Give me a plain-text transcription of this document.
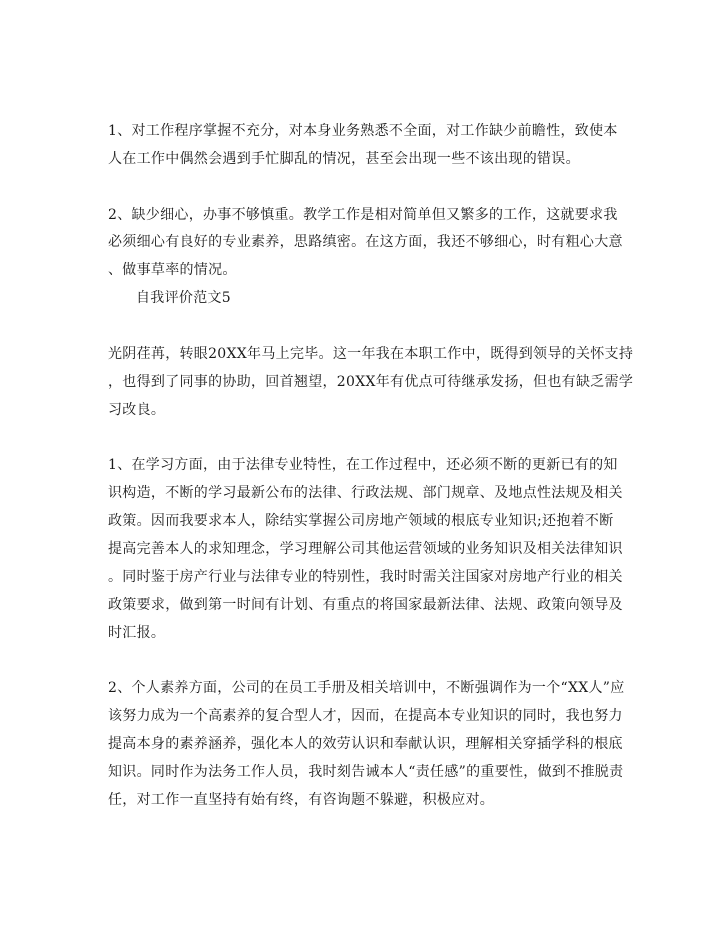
1、对工作程序掌握不充分，对本身业务熟悉不全面，对工作缺少前瞻性，致使本
人在工作中偶然会遇到手忙脚乱的情况，甚至会出现一些不该出现的错误。
2、缺少细心，办事不够慎重。教学工作是相对简单但又繁多的工作，这就要求我
必须细心有良好的专业素养，思路缜密。在这方面，我还不够细心，时有粗心大意
、做事草率的情况。
自我评价范文5
光阴荏苒，转眼20XX年马上完毕。这一年我在本职工作中，既得到领导的关怀支持
，也得到了同事的协助，回首翘望，20XX年有优点可待继承发扬，但也有缺乏需学
习改良。
1、在学习方面，由于法律专业特性，在工作过程中，还必须不断的更新已有的知
识构造，不断的学习最新公布的法律、行政法规、部门规章、及地点性法规及相关
政策。因而我要求本人，除结实掌握公司房地产领域的根底专业知识;还抱着不断
提高完善本人的求知理念，学习理解公司其他运营领域的业务知识及相关法律知识
。同时鉴于房产行业与法律专业的特别性，我时时需关注国家对房地产行业的相关
政策要求，做到第一时间有计划、有重点的将国家最新法律、法规、政策向领导及
时汇报。
2、个人素养方面，公司的在员工手册及相关培训中，不断强调作为一个“XX人”应
该努力成为一个高素养的复合型人才，因而，在提高本专业知识的同时，我也努力
提高本身的素养涵养，强化本人的效劳认识和奉献认识，理解相关穿插学科的根底
知识。同时作为法务工作人员，我时刻告诫本人“责任感”的重要性，做到不推脱责
任，对工作一直坚持有始有终，有咨询题不躲避，积极应对。
